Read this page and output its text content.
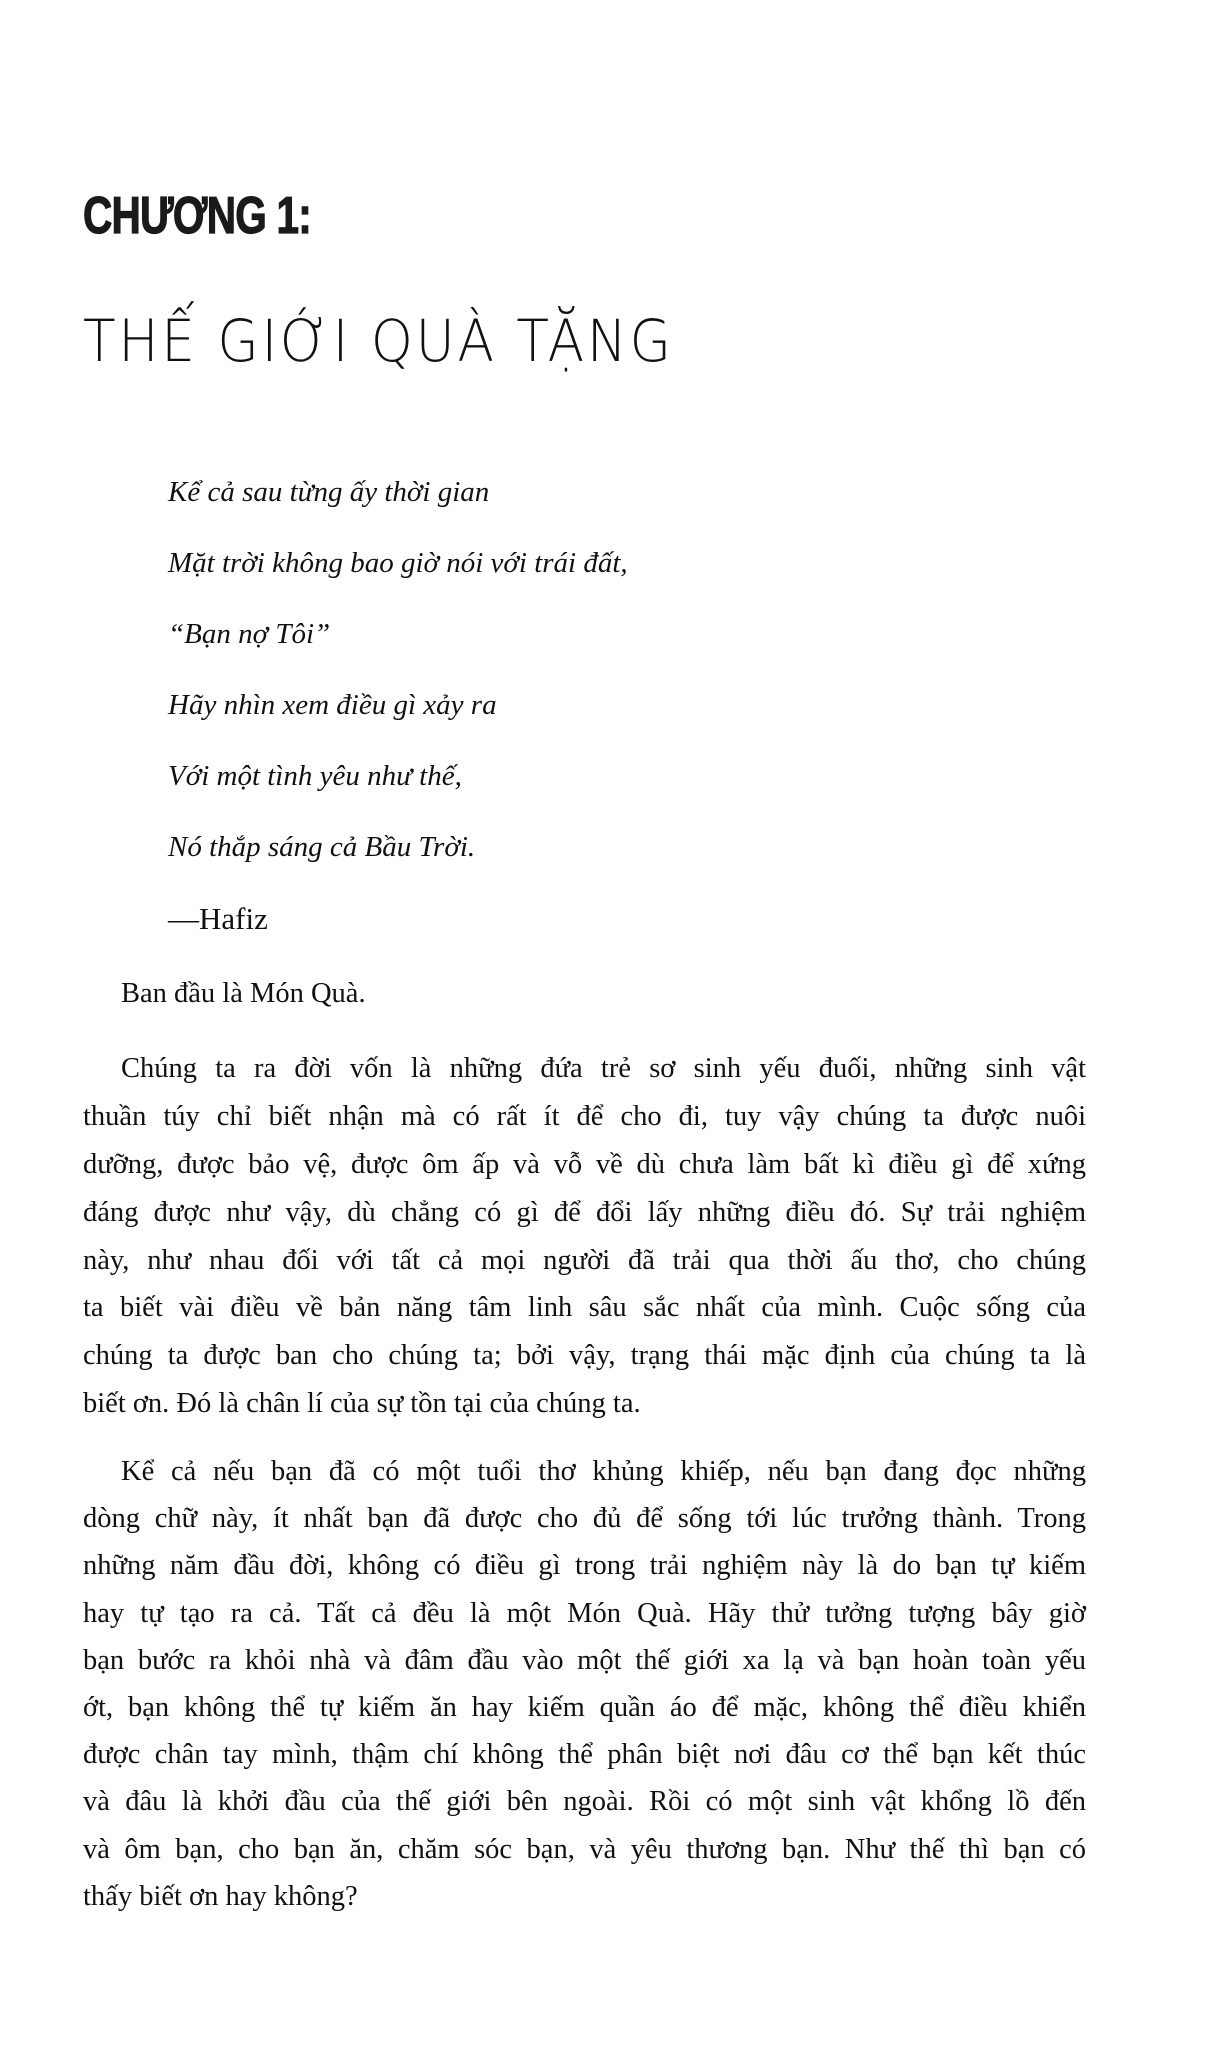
CHƯƠNG 1:
THẾ GIỚI QUÀ TẶNG
Kể cả sau từng ấy thời gian
Mặt trời không bao giờ nói với trái đất,
“Bạn nợ Tôi”
Hãy nhìn xem điều gì xảy ra
Với một tình yêu như thế,
Nó thắp sáng cả Bầu Trời.
—Hafiz
Ban đầu là Món Quà.
Chúng ta ra đời vốn là những đứa trẻ sơ sinh yếu đuối, những sinh vật
thuần túy chỉ biết nhận mà có rất ít để cho đi, tuy vậy chúng ta được nuôi
dưỡng, được bảo vệ, được ôm ấp và vỗ về dù chưa làm bất kì điều gì để xứng
đáng được như vậy, dù chẳng có gì để đổi lấy những điều đó. Sự trải nghiệm
này, như nhau đối với tất cả mọi người đã trải qua thời ấu thơ, cho chúng
ta biết vài điều về bản năng tâm linh sâu sắc nhất của mình. Cuộc sống của
chúng ta được ban cho chúng ta; bởi vậy, trạng thái mặc định của chúng ta là
biết ơn. Đó là chân lí của sự tồn tại của chúng ta.
Kể cả nếu bạn đã có một tuổi thơ khủng khiếp, nếu bạn đang đọc những
dòng chữ này, ít nhất bạn đã được cho đủ để sống tới lúc trưởng thành. Trong
những năm đầu đời, không có điều gì trong trải nghiệm này là do bạn tự kiếm
hay tự tạo ra cả. Tất cả đều là một Món Quà. Hãy thử tưởng tượng bây giờ
bạn bước ra khỏi nhà và đâm đầu vào một thế giới xa lạ và bạn hoàn toàn yếu
ớt, bạn không thể tự kiếm ăn hay kiếm quần áo để mặc, không thể điều khiển
được chân tay mình, thậm chí không thể phân biệt nơi đâu cơ thể bạn kết thúc
và đâu là khởi đầu của thế giới bên ngoài. Rồi có một sinh vật khổng lồ đến
và ôm bạn, cho bạn ăn, chăm sóc bạn, và yêu thương bạn. Như thế thì bạn có
thấy biết ơn hay không?
